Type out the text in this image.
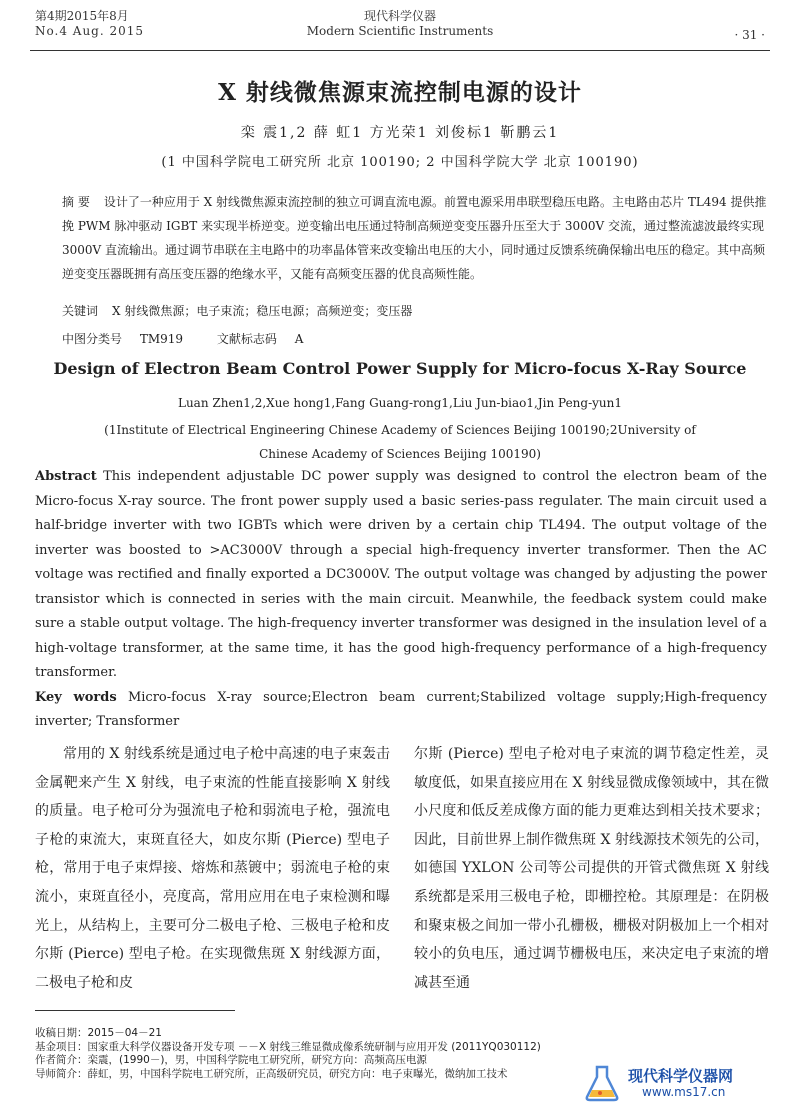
第4期2015年8月
No.4 Aug. 2015
现代科学仪器
Modern Scientific Instruments	· 31 ·
X 射线微焦源束流控制电源的设计
栾 震1,2 薛 虹1 方光荣1 刘俊标1 靳鹏云1
(1 中国科学院电工研究所 北京 100190; 2 中国科学院大学 北京 100190)
摘 要 设计了一种应用于 X 射线微焦源束流控制的独立可调直流电源。前置电源采用串联型稳压电路。主电路由芯片 TL494 提供推挽 PWM 脉冲驱动 IGBT 来实现半桥逆变。逆变输出电压通过特制高频逆变变压器升压至大于 3000V 交流，通过整流滤波最终实现 3000V 直流输出。通过调节串联在主电路中的功率晶体管来改变输出电压的大小，同时通过反馈系统确保输出电压的稳定。其中高频逆变变压器既拥有高压变压器的绝缘水平，又能有高频变压器的优良高频性能。
关键词 X 射线微焦源；电子束流；稳压电源；高频逆变；变压器
中图分类号 TM919	文献标志码 A
Design of Electron Beam Control Power Supply for Micro-focus X-Ray Source
Luan Zhen1,2,Xue hong1,Fang Guang-rong1,Liu Jun-biao1,Jin Peng-yun1
(1Institute of Electrical Engineering Chinese Academy of Sciences Beijing 100190;2University of Chinese Academy of Sciences Beijing 100190)
Abstract This independent adjustable DC power supply was designed to control the electron beam of the Micro-focus X-ray source. The front power supply used a basic series-pass regulater. The main circuit used a half-bridge inverter with two IGBTs which were driven by a certain chip TL494. The output voltage of the inverter was boosted to >AC3000V through a special high-frequency inverter transformer. Then the AC voltage was rectified and finally exported a DC3000V. The output voltage was changed by adjusting the power transistor which is connected in series with the main circuit. Meanwhile, the feedback system could make sure a stable output voltage. The high-frequency inverter transformer was designed in the insulation level of a high-voltage transformer, at the same time, it has the good high-frequency performance of a high-frequency transformer.
Key words Micro-focus X-ray source;Electron beam current;Stabilized voltage supply;High-frequency inverter; Transformer
常用的 X 射线系统是通过电子枪中高速的电子束轰击金属靶来产生 X 射线，电子束流的性能直接影响 X 射线的质量。电子枪可分为强流电子枪和弱流电子枪，强流电子枪的束流大，束斑直径大，如皮尔斯 (Pierce) 型电子枪，常用于电子束焊接、熔炼和蒸镀中；弱流电子枪的束流小，束斑直径小，亮度高，常用应用在电子束检测和曝光上，从结构上，主要可分二极电子枪、三极电子枪和皮尔斯 (Pierce) 型电子枪。在实现微焦斑 X 射线源方面，二极电子枪和皮
尔斯 (Pierce) 型电子枪对电子束流的调节稳定性差，灵敏度低，如果直接应用在 X 射线显微成像领域中，其在微小尺度和低反差成像方面的能力更难达到相关技术要求；因此，目前世界上制作微焦斑 X 射线源技术领先的公司，如德国 YXLON 公司等公司提供的开管式微焦斑 X 射线系统都是采用三极电子枪，即栅控枪。其原理是：在阴极和聚束极之间加一带小孔栅极，栅极对阴极加上一个相对较小的负电压，通过调节栅极电压，来决定电子束流的增减甚至通
收稿日期：2015－04－21
基金项目：国家重大科学仪器设备开发专项 －－X 射线三维显微成像系统研制与应用开发 (2011YQ030112)
作者简介：栾震，(1990－)，男，中国科学院电工研究所，研究方向：高频高压电源
导师简介：薛虹，男，中国科学院电工研究所，正高级研究员，研究方向：电子束曝光，微纳加工技术	现代科学仪器网
www.ms17.cn
